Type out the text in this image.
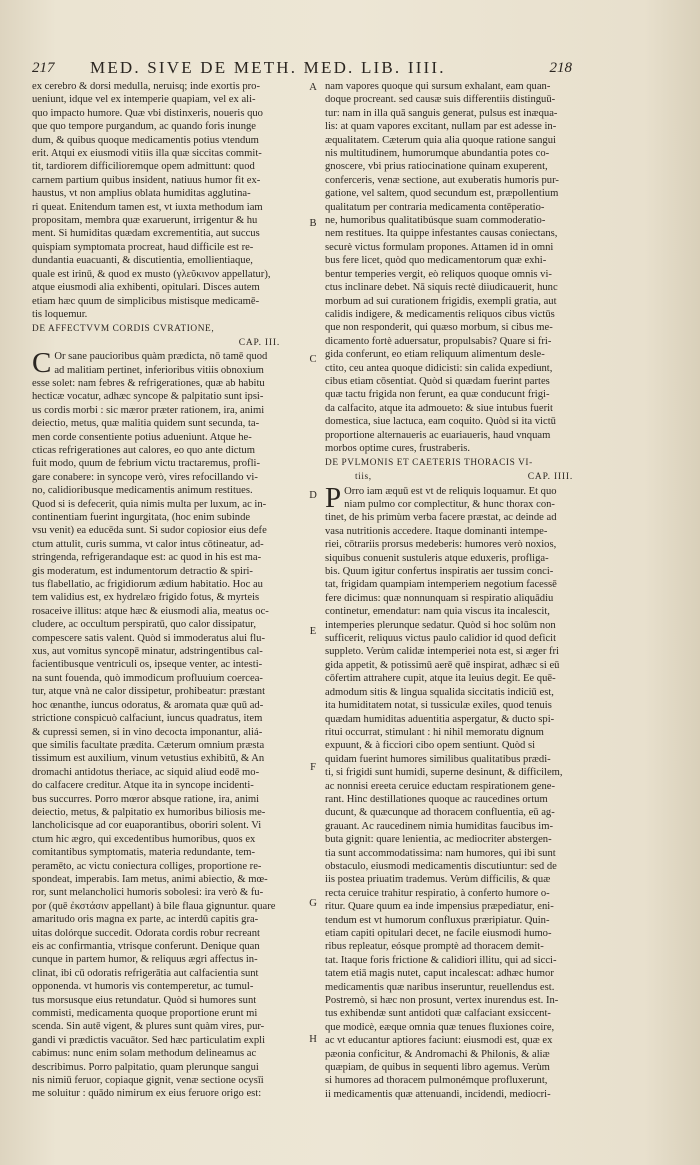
217 MED. SIVE DE METH. MED. LIB. IIII.	218
ex cerebro & dorsi medulla, neruisq; inde exortis pro-
ueniunt, idque vel ex intemperie quapiam, vel ex ali-
quo impacto humore. Quæ vbi distinxeris, noueris quo
que quo tempore purgandum, ac quando foris inunge
dum, & quibus quoque medicamentis potius vtendum
erit. Atqui ex eiusmodi vitiis illa quæ siccitas commit-
tit, tardiorem difficilioremque opem admittunt: quod
carnem partium quibus insident, natiuus humor fit ex-
haustus, vt non amplius oblata humiditas agglutina-
ri queat. Enitendum tamen est, vt iuxta methodum iam
propositam, membra quæ exaruerunt, irrigentur & hu
ment. Si humiditas quædam excrementitia, aut succus
quispiam symptomata procreat, haud difficile est re-
dundantia euacuanti, & discutientia, emollientiaque,
quale est irinū, & quod ex musto (γλεῦκινον appellatur),
atque eiusmodi alia exhibenti, opitulari. Disces autem
etiam hæc quum de simplicibus mistisque medicamē-
tis loquemur.
DE AFFECTVVM CORDIS CVRATIONE,
CAP. III.
C Or sane paucioribus quàm prædicta, nō tamē quod
ad malitiam pertinet, inferioribus vitiis obnoxium
esse solet: nam febres & refrigerationes, quæ ab habitu
hecticæ vocatur, adhæc syncope & palpitatio sunt ipsi-
us cordis morbi : sic mæror præter rationem, ira, animi
deiectio, metus, quæ malitia quidem sunt secunda, ta-
men corde consentiente potius adueniunt. Atque he-
cticas refrigerationes aut calores, eo quo ante dictum
fuit modo, quum de febrium victu tractaremus, profli-
gare conabere: in syncope verò, vires refocillando vi-
no, calidioribusque medicamentis animum restitues.
Quod si is defecerit, quia nimis multa per luxum, ac in-
continentiam fuerint ingurgitata, (hoc enim subinde
vsu venit) ea educēda sunt. Si sudor copiosior eius defe
ctum attulit, curis summa, vt calor intus cōtineatur, ad-
stringenda, refrigerandaque est: ac quod in his est ma-
gis moderatum, est indumentorum detractio & spiri-
tus flabellatio, ac frigidiorum ædium habitatio. Hoc au
tem validius est, ex hydrelæo frigido fotus, & myrteis
rosaceive illitus: atque hæc & eiusmodi alia, meatus oc-
cludere, ac occultum perspiratū, quo calor dissipatur,
compescere satis valent. Quòd si immoderatus alui flu-
xus, aut vomitus syncopē minatur, adstringentibus cal-
facientibusque ventriculi os, ipseque venter, ac intesti-
na sunt fouenda, quò immodicum profluuium coercea-
tur, atque vnà ne calor dissipetur, prohibeatur: præstant
hoc œnanthe, iuncus odoratus, & aromata quæ quū ad-
strictione conspicuò calfaciunt, iuncus quadratus, item
& cupressi semen, si in vino decocta imponantur, aliá-
que similis facultate prædita. Cæterum omnium præsta
tissimum est auxilium, vinum vetustius exhibitū, & An
dromachi antidotus theriace, ac siquid aliud eodē mo-
do calfacere creditur. Atque ita in syncope incidenti-
bus succurres. Porro mœror absque ratione, ira, animi
deiectio, metus, & palpitatio ex humoribus biliosis me-
lancholicisque ad cor euaporantibus, oboriri solent. Vi
ctum hic ægro, qui excedentibus humoribus, quos ex
comitantibus symptomatis, materia redundante, tem-
peramēto, ac victu coniectura colliges, proportione re-
spondeat, imperabis. Iam metus, animi abiectio, & mœ-
ror, sunt melancholici humoris sobolesi: ira verò & fu-
por (quē ἐκστάσιν appellant) à bile flaua gignuntur. quare
amaritudo oris magna ex parte, ac interdū capitis gra-
uitas dolórque succedit. Odorata cordis robur recreant
eis ac confirmantia, vtrisque conferunt. Denique quan
cunque in partem humor, & reliquus ægri affectus in-
clinat, ibi cū odoratis refrigerātia aut calfacientia sunt
opponenda. vt humoris vis contemperetur, ac tumul-
tus morsusque eius retundatur. Quòd si humores sunt
commisti, medicamenta quoque proportione erunt mi
scenda. Sin autē vigent, & plures sunt quàm vires, pur-
gandi vi prædictis vacuātor. Sed hæc particulatim expli
cabimus: nunc enim solam methodum delineamus ac
describimus. Porro palpitatio, quam plerunque sangui
nis nimiū feruor, copiaque gignit, venæ sectione ocysīi
me soluitur : quādo nimirum ex eius feruore origo est:
nam vapores quoque qui sursum exhalant, eam quan-
doque procreant. sed causæ suis differentiis distinguū-
tur: nam in illa quā sanguis generat, pulsus est inæqua-
lis: at quam vapores excitant, nullam par est adesse in-
æqualitatem. Cæterum quia alia quoque ratione sangui
nis multitudinem, humorumque abundantia potes co-
gnoscere, vbi prius ratiocinatione quinam exuperent,
conferceris, venæ sectione, aut exuberatis humoris pur-
gatione, vel saltem, quod secundum est, præpollentium
qualitatum per contraria medicamenta contēperatio-
ne, humoribus qualitatibúsque suam commoderatio-
nem restitues. Ita quippe infestantes causas coniectans,
securè victus formulam propones. Attamen id in omni
bus fere licet, quòd quo medicamentorum quæ exhi-
bentur temperies vergit, eò reliquos quoque omnis vi-
ctus inclinare debet. Nā siquis rectè diiudicauerit, hunc
morbum ad sui curationem frigidis, exempli gratia, aut
calidis indigere, & medicamentis reliquos cibus victūs
que non responderit, qui quæso morbum, si cibus me-
dicamento fortè aduersatur, propulsabis? Quare si fri-
gida conferunt, eo etiam reliquum alimentum desle-
ctito, ceu antea quoque didicisti: sin calida expediunt,
cibus etiam cōsentiat. Quòd si quædam fuerint partes
quæ tactu frigida non ferunt, ea quæ conducunt frigi-
da calfacito, atque ita admoueto: & siue intubus fuerit
domestica, siue lactuca, eam coquito. Quòd si ita victū
proportione alternaueris ac euariaueris, haud vnquam
morbos optime cures, frustraberis.
DE PVLMONIS ET CAETERIS THORACIS VI-
tiis,	CAP. IIII.
P Orro iam æquū est vt de reliquis loquamur. Et quo
niam pulmo cor complectitur, & hunc thorax con-
tinet, de his primùm verba facere præstat, ac deinde ad
vasa nutritionis accedere. Itaque dominanti intempe-
riei, cōtrariis prorsus medeberis: humores verò noxios,
siquibus conuenit sustuleris atque eduxeris, profliga-
bis. Quum igitur confertus inspiratis aer tussim conci-
tat, frigidam quampiam intemperiem negotium facessē
fere dicimus: quæ nonnunquam si respiratio aliquādiu
continetur, emendatur: nam quia viscus ita incalescit,
intemperies plerunque sedatur. Quòd si hoc solūm non
sufficerit, reliquus victus paulo calidior id quod deficit
suppleto. Verùm calidæ intemperiei nota est, si æger fri
gida appetit, & potissimū aerē quē inspirat, adhæc si eū
cōfertim attrahere cupit, atque ita leuius degit. Ee quē-
admodum sitis & lingua squalida siccitatis indiciū est,
ita humiditatem notat, si tussiculæ exiles, quod tenuis
quædam humiditas aduentitia aspergatur, & ducto spi-
ritui occurrat, stimulant : hi nihil memoratu dignum
expuunt, & à ficciori cibo opem sentiunt. Quòd si
quidam fuerint humores similibus qualitatibus prædi-
ti, si frigidi sunt humidi, superne desinunt, & difficilem,
ac nonnisi ereeta ceruice eductam respirationem gene-
rant. Hinc destillationes quoque ac raucedines ortum
ducunt, & quæcunque ad thoracem confluentia, eū ag-
grauant. Ac raucedinem nimia humiditas faucibus im-
buta gignit: quare lenientia, ac mediocriter abstergen-
tia sunt accommodatissima: nam humores, qui ibi sunt
obstaculo, eiusmodi medicamentis discutiuntur: sed de
iis postea priuatim trademus. Verùm difficilis, & quæ
recta ceruice trahitur respiratio, à conferto humore o-
ritur. Quare quum ea inde impensius præpediatur, eni-
tendum est vt humorum confluxus præripiatur. Quin-
etiam capiti opitulari decet, ne facile eiusmodi humo-
ribus repleatur, eósque promptè ad thoracem demit-
tat. Itaque foris frictione & calidiori illitu, qui ad sicci-
tatem etiā magis nutet, caput incalescat: adhæc humor
medicamentis quæ naribus inseruntur, reuellendus est.
Postremò, si hæc non prosunt, vertex inurendus est. In-
tus exhibendæ sunt antidoti quæ calfaciant exsiccent-
que modicè, eæque omnia quæ tenues fluxiones coire,
ac vt educantur aptiores faciunt: eiusmodi est, quæ ex
pæonia conficitur, & Andromachi & Philonis, & aliæ
quæpiam, de quibus in sequenti libro agemus. Verùm
si humores ad thoracem pulmonémque profluxerunt,
ii medicamentis quæ attenuandi, incidendi, mediocri-
A
B
C
D
E
F
G
H
